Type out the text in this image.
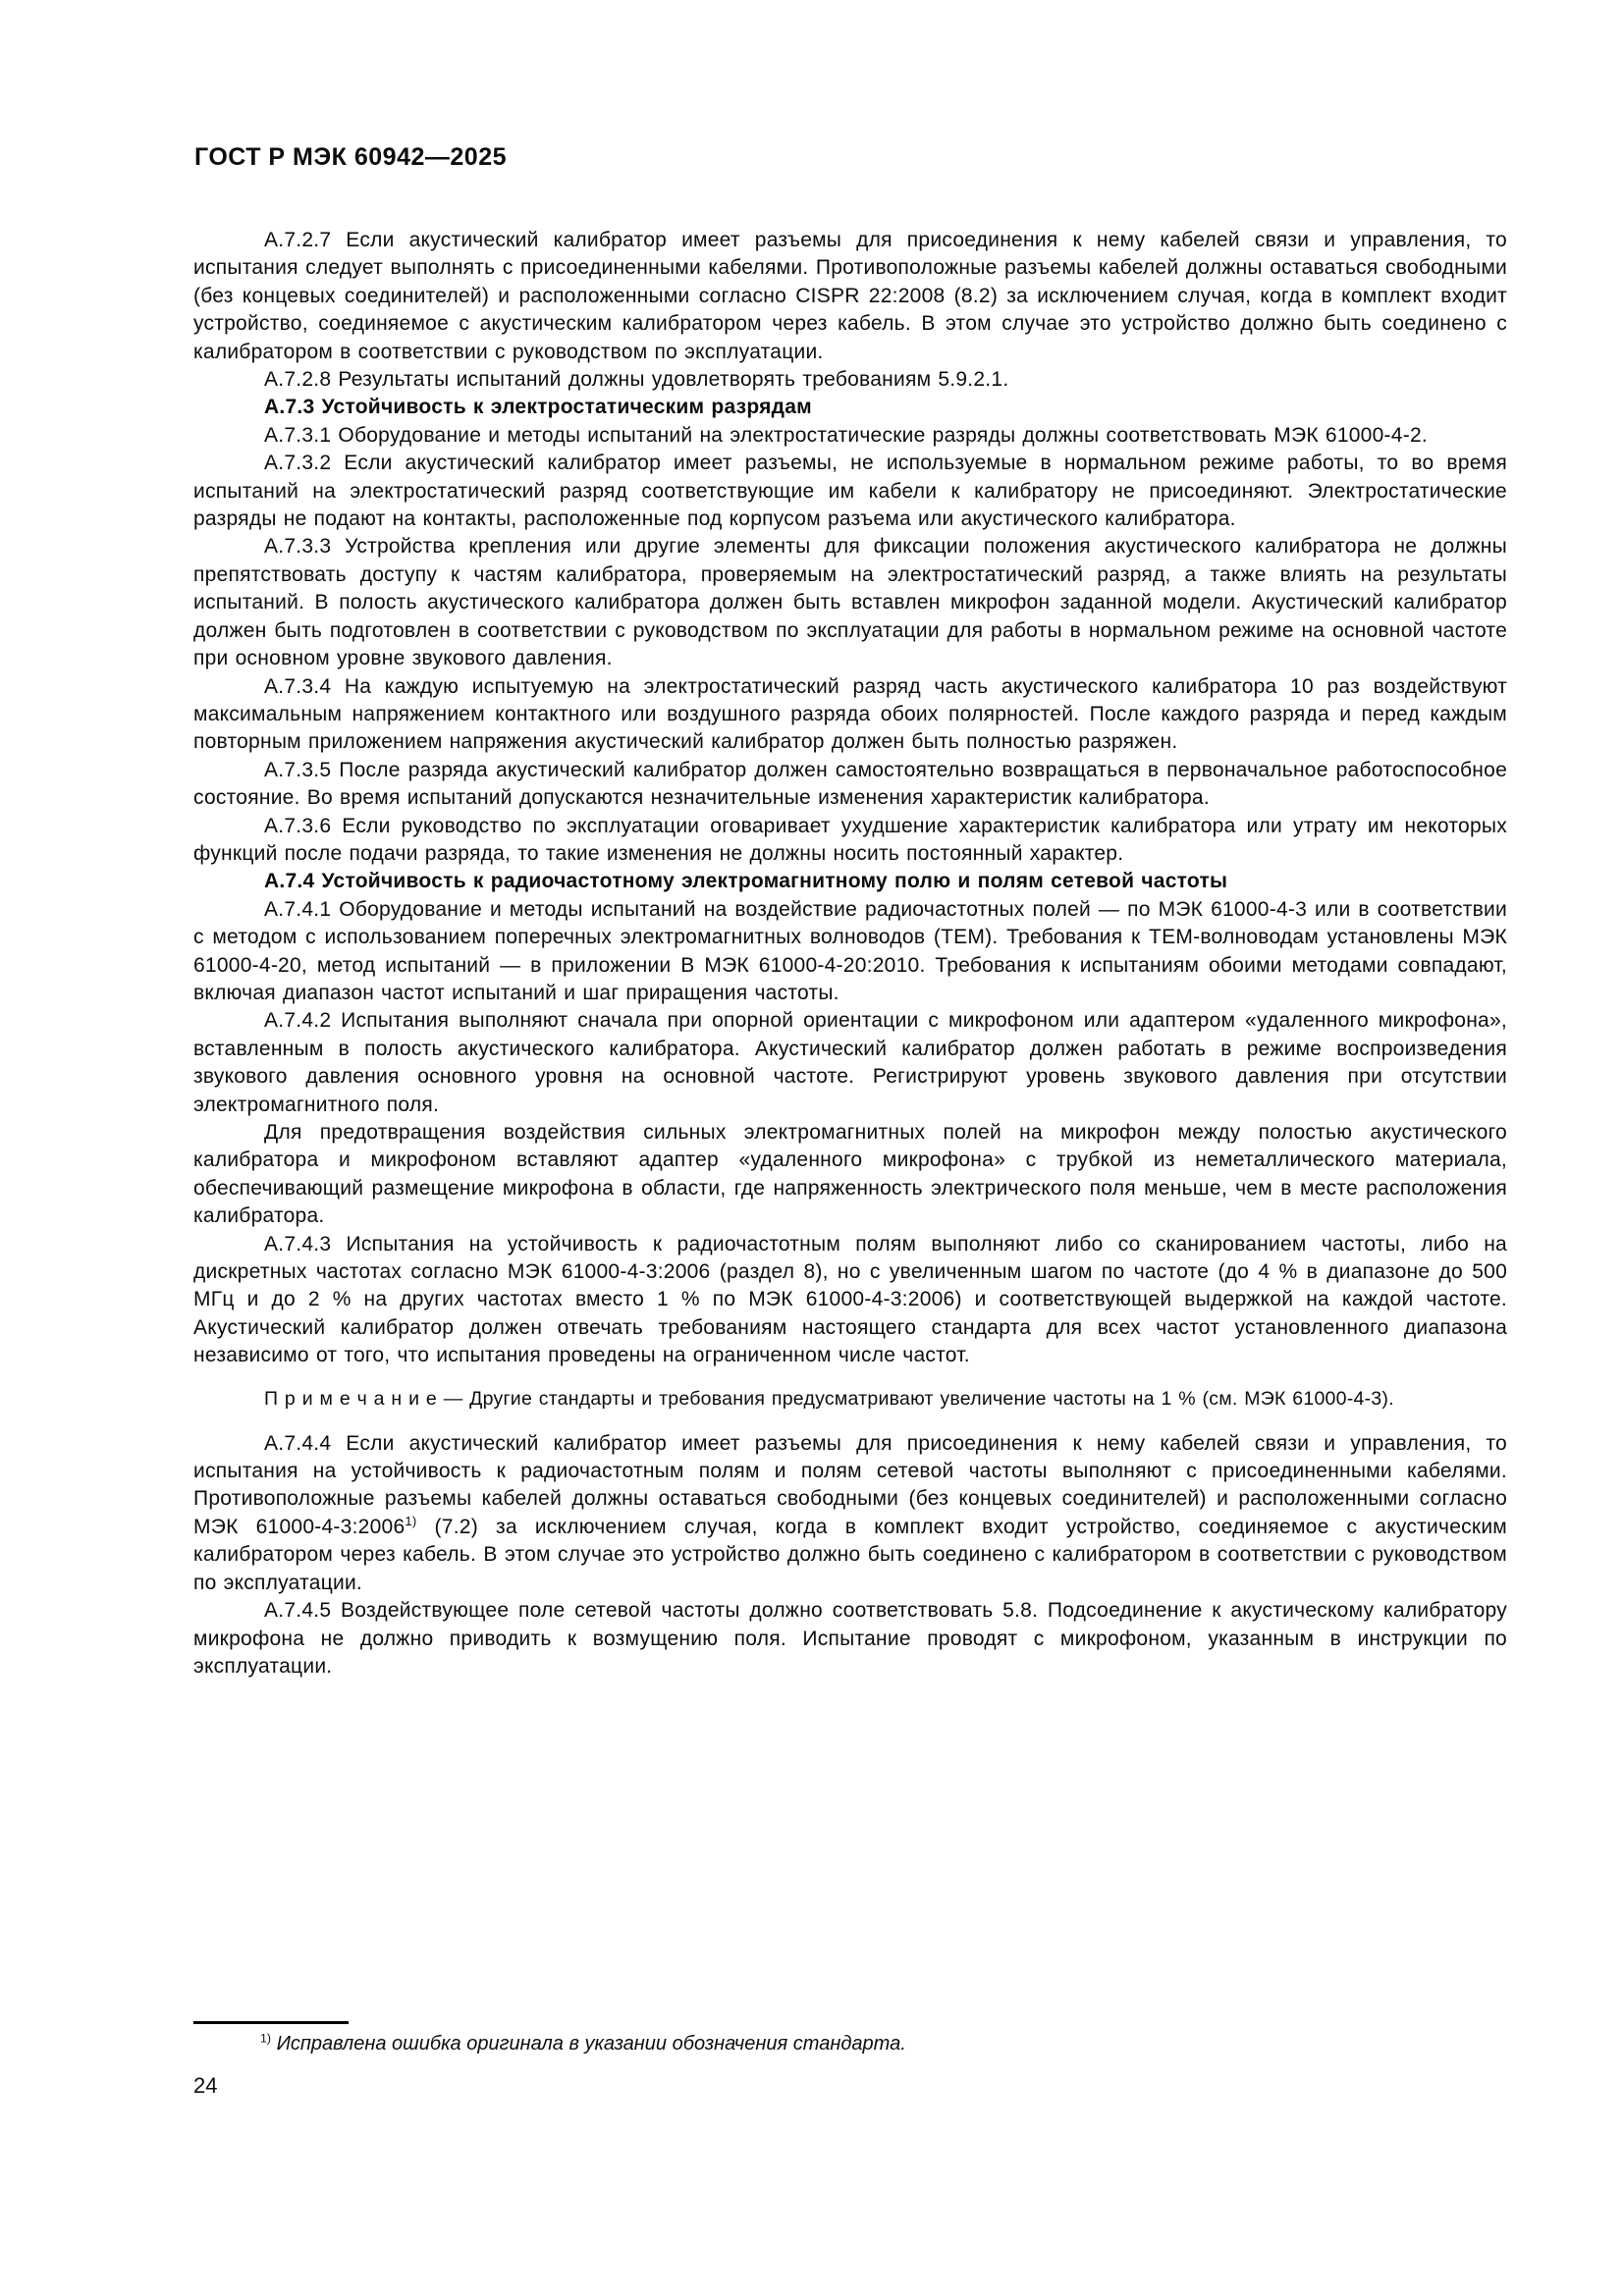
ГОСТ Р МЭК 60942—2025

А.7.2.7 Если акустический калибратор имеет разъемы для присоединения к нему кабелей связи и управления, то испытания следует выполнять с присоединенными кабелями. Противоположные разъемы кабелей должны оставаться свободными (без концевых соединителей) и расположенными согласно CISPR 22:2008 (8.2) за исключением случая, когда в комплект входит устройство, соединяемое с акустическим калибратором через кабель. В этом случае это устройство должно быть соединено с калибратором в соответствии с руководством по эксплуатации.

А.7.2.8 Результаты испытаний должны удовлетворять требованиям 5.9.2.1.

А.7.3 Устойчивость к электростатическим разрядам

А.7.3.1 Оборудование и методы испытаний на электростатические разряды должны соответствовать МЭК 61000-4-2.

А.7.3.2 Если акустический калибратор имеет разъемы, не используемые в нормальном режиме работы, то во время испытаний на электростатический разряд соответствующие им кабели к калибратору не присоединяют. Электростатические разряды не подают на контакты, расположенные под корпусом разъема или акустического калибратора.

А.7.3.3 Устройства крепления или другие элементы для фиксации положения акустического калибратора не должны препятствовать доступу к частям калибратора, проверяемым на электростатический разряд, а также влиять на результаты испытаний. В полость акустического калибратора должен быть вставлен микрофон заданной модели. Акустический калибратор должен быть подготовлен в соответствии с руководством по эксплуатации для работы в нормальном режиме на основной частоте при основном уровне звукового давления.

А.7.3.4 На каждую испытуемую на электростатический разряд часть акустического калибратора 10 раз воздействуют максимальным напряжением контактного или воздушного разряда обоих полярностей. После каждого разряда и перед каждым повторным приложением напряжения акустический калибратор должен быть полностью разряжен.

А.7.3.5 После разряда акустический калибратор должен самостоятельно возвращаться в первоначальное работоспособное состояние. Во время испытаний допускаются незначительные изменения характеристик калибратора.

А.7.3.6 Если руководство по эксплуатации оговаривает ухудшение характеристик калибратора или утрату им некоторых функций после подачи разряда, то такие изменения не должны носить постоянный характер.

А.7.4 Устойчивость к радиочастотному электромагнитному полю и полям сетевой частоты

А.7.4.1 Оборудование и методы испытаний на воздействие радиочастотных полей — по МЭК 61000-4-3 или в соответствии с методом с использованием поперечных электромагнитных волноводов (ТЕМ). Требования к ТЕМ-волноводам установлены МЭК 61000-4-20, метод испытаний — в приложении В МЭК 61000-4-20:2010. Требования к испытаниям обоими методами совпадают, включая диапазон частот испытаний и шаг приращения частоты.

А.7.4.2 Испытания выполняют сначала при опорной ориентации с микрофоном или адаптером «удаленного микрофона», вставленным в полость акустического калибратора. Акустический калибратор должен работать в режиме воспроизведения звукового давления основного уровня на основной частоте. Регистрируют уровень звукового давления при отсутствии электромагнитного поля.

Для предотвращения воздействия сильных электромагнитных полей на микрофон между полостью акустического калибратора и микрофоном вставляют адаптер «удаленного микрофона» с трубкой из неметаллического материала, обеспечивающий размещение микрофона в области, где напряженность электрического поля меньше, чем в месте расположения калибратора.

А.7.4.3 Испытания на устойчивость к радиочастотным полям выполняют либо со сканированием частоты, либо на дискретных частотах согласно МЭК 61000-4-3:2006 (раздел 8), но с увеличенным шагом по частоте (до 4 % в диапазоне до 500 МГц и до 2 % на других частотах вместо 1 % по МЭК 61000-4-3:2006) и соответствующей выдержкой на каждой частоте. Акустический калибратор должен отвечать требованиям настоящего стандарта для всех частот установленного диапазона независимо от того, что испытания проведены на ограниченном числе частот.

П р и м е ч а н и е — Другие стандарты и требования предусматривают увеличение частоты на 1 % (см. МЭК 61000-4-3).

А.7.4.4 Если акустический калибратор имеет разъемы для присоединения к нему кабелей связи и управления, то испытания на устойчивость к радиочастотным полям и полям сетевой частоты выполняют с присоединенными кабелями. Противоположные разъемы кабелей должны оставаться свободными (без концевых соединителей) и расположенными согласно МЭК 61000-4-3:2006$^{1)}$ (7.2) за исключением случая, когда в комплект входит устройство, соединяемое с акустическим калибратором через кабель. В этом случае это устройство должно быть соединено с калибратором в соответствии с руководством по эксплуатации.

А.7.4.5 Воздействующее поле сетевой частоты должно соответствовать 5.8. Подсоединение к акустическому калибратору микрофона не должно приводить к возмущению поля. Испытание проводят с микрофоном, указанным в инструкции по эксплуатации.

$^{1)}$ Исправлена ошибка оригинала в указании обозначения стандарта.
24
